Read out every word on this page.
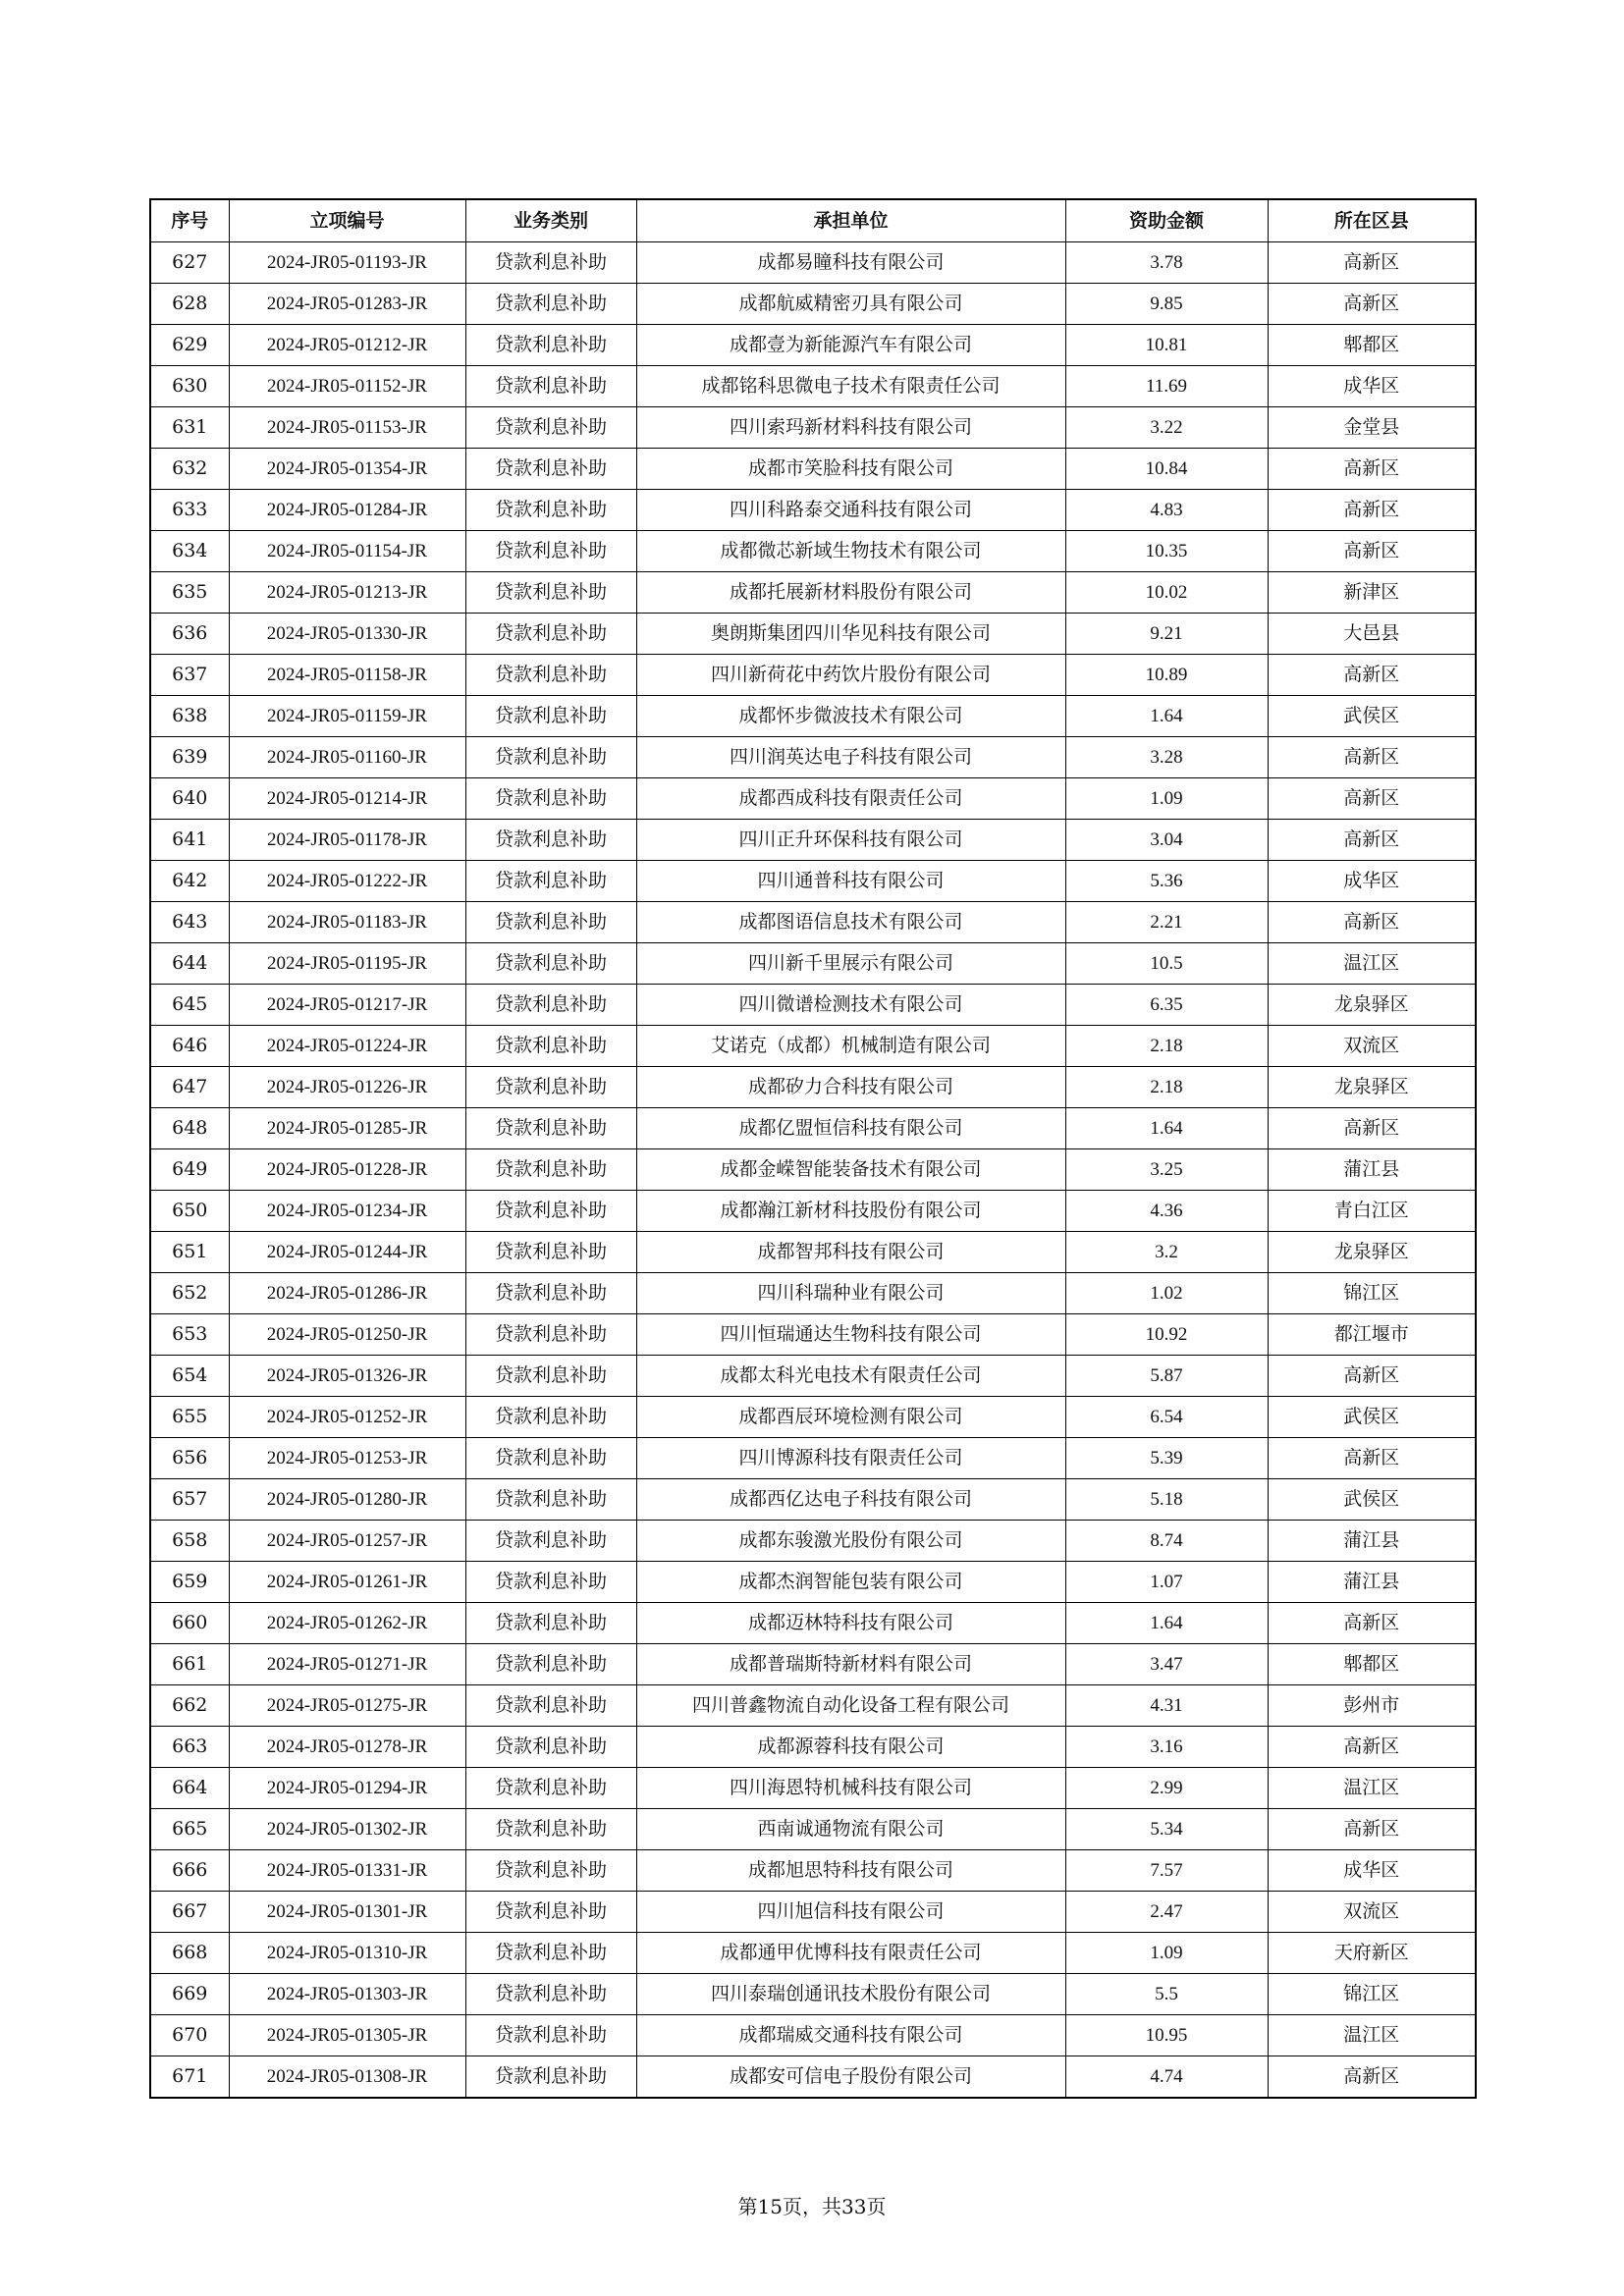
序号	立项编号	业务类别	承担单位	资助金额	所在区县
627	2024-JR05-01193-JR	贷款利息补助	成都易瞳科技有限公司	3.78	高新区
628	2024-JR05-01283-JR	贷款利息补助	成都航威精密刃具有限公司	9.85	高新区
629	2024-JR05-01212-JR	贷款利息补助	成都壹为新能源汽车有限公司	10.81	郫都区
630	2024-JR05-01152-JR	贷款利息补助	成都铭科思微电子技术有限责任公司	11.69	成华区
631	2024-JR05-01153-JR	贷款利息补助	四川索玛新材料科技有限公司	3.22	金堂县
632	2024-JR05-01354-JR	贷款利息补助	成都市笑脸科技有限公司	10.84	高新区
633	2024-JR05-01284-JR	贷款利息补助	四川科路泰交通科技有限公司	4.83	高新区
634	2024-JR05-01154-JR	贷款利息补助	成都微芯新域生物技术有限公司	10.35	高新区
635	2024-JR05-01213-JR	贷款利息补助	成都托展新材料股份有限公司	10.02	新津区
636	2024-JR05-01330-JR	贷款利息补助	奥朗斯集团四川华见科技有限公司	9.21	大邑县
637	2024-JR05-01158-JR	贷款利息补助	四川新荷花中药饮片股份有限公司	10.89	高新区
638	2024-JR05-01159-JR	贷款利息补助	成都怀步微波技术有限公司	1.64	武侯区
639	2024-JR05-01160-JR	贷款利息补助	四川润英达电子科技有限公司	3.28	高新区
640	2024-JR05-01214-JR	贷款利息补助	成都西成科技有限责任公司	1.09	高新区
641	2024-JR05-01178-JR	贷款利息补助	四川正升环保科技有限公司	3.04	高新区
642	2024-JR05-01222-JR	贷款利息补助	四川通普科技有限公司	5.36	成华区
643	2024-JR05-01183-JR	贷款利息补助	成都图语信息技术有限公司	2.21	高新区
644	2024-JR05-01195-JR	贷款利息补助	四川新千里展示有限公司	10.5	温江区
645	2024-JR05-01217-JR	贷款利息补助	四川微谱检测技术有限公司	6.35	龙泉驿区
646	2024-JR05-01224-JR	贷款利息补助	艾诺克（成都）机械制造有限公司	2.18	双流区
647	2024-JR05-01226-JR	贷款利息补助	成都矽力合科技有限公司	2.18	龙泉驿区
648	2024-JR05-01285-JR	贷款利息补助	成都亿盟恒信科技有限公司	1.64	高新区
649	2024-JR05-01228-JR	贷款利息补助	成都金嵘智能装备技术有限公司	3.25	蒲江县
650	2024-JR05-01234-JR	贷款利息补助	成都瀚江新材科技股份有限公司	4.36	青白江区
651	2024-JR05-01244-JR	贷款利息补助	成都智邦科技有限公司	3.2	龙泉驿区
652	2024-JR05-01286-JR	贷款利息补助	四川科瑞种业有限公司	1.02	锦江区
653	2024-JR05-01250-JR	贷款利息补助	四川恒瑞通达生物科技有限公司	10.92	都江堰市
654	2024-JR05-01326-JR	贷款利息补助	成都太科光电技术有限责任公司	5.87	高新区
655	2024-JR05-01252-JR	贷款利息补助	成都酉辰环境检测有限公司	6.54	武侯区
656	2024-JR05-01253-JR	贷款利息补助	四川博源科技有限责任公司	5.39	高新区
657	2024-JR05-01280-JR	贷款利息补助	成都西亿达电子科技有限公司	5.18	武侯区
658	2024-JR05-01257-JR	贷款利息补助	成都东骏激光股份有限公司	8.74	蒲江县
659	2024-JR05-01261-JR	贷款利息补助	成都杰润智能包装有限公司	1.07	蒲江县
660	2024-JR05-01262-JR	贷款利息补助	成都迈林特科技有限公司	1.64	高新区
661	2024-JR05-01271-JR	贷款利息补助	成都普瑞斯特新材料有限公司	3.47	郫都区
662	2024-JR05-01275-JR	贷款利息补助	四川普鑫物流自动化设备工程有限公司	4.31	彭州市
663	2024-JR05-01278-JR	贷款利息补助	成都源蓉科技有限公司	3.16	高新区
664	2024-JR05-01294-JR	贷款利息补助	四川海恩特机械科技有限公司	2.99	温江区
665	2024-JR05-01302-JR	贷款利息补助	西南诚通物流有限公司	5.34	高新区
666	2024-JR05-01331-JR	贷款利息补助	成都旭思特科技有限公司	7.57	成华区
667	2024-JR05-01301-JR	贷款利息补助	四川旭信科技有限公司	2.47	双流区
668	2024-JR05-01310-JR	贷款利息补助	成都通甲优博科技有限责任公司	1.09	天府新区
669	2024-JR05-01303-JR	贷款利息补助	四川泰瑞创通讯技术股份有限公司	5.5	锦江区
670	2024-JR05-01305-JR	贷款利息补助	成都瑞威交通科技有限公司	10.95	温江区
671	2024-JR05-01308-JR	贷款利息补助	成都安可信电子股份有限公司	4.74	高新区
第15页，共33页
